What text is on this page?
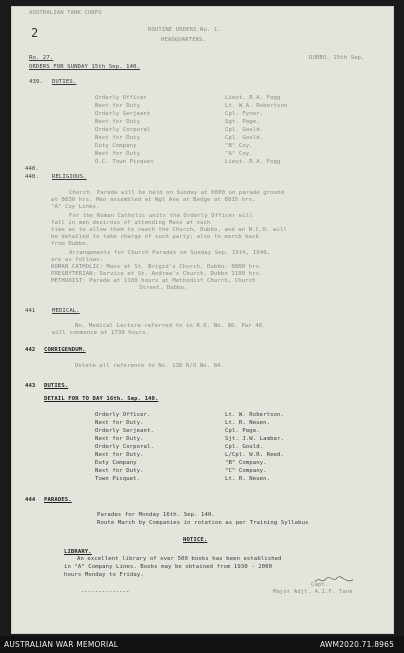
AUSTRALIAN TANK CORPS
ROUTINE ORDERS No. 1.
HEADQUARTERS.
2
Ro. 27.	DUBBO, 15th Sep,
ORDERS FOR SUNDAY 15th Sep. 140.
439. DUTIES.
Orderly Officer	Lieut. R.A. Fogg
Next for Duty	Lt. W.A. Robertson
Orderly Serjeant	Cpl. Fyner.
Next for Duty	Sgt. Page.
Orderly Corporal	Cpl. Gould.
Next for Duty	Cpl. Gould.
Duty Company	"B" Coy.
Next for Duty	"A" Coy.
O.C. Town Picquet	Lieut. R.A. Fogg
440.
440. RELIGIOUS.
Church. Parade will be held on Sunday at 0800 on parade ground
at 0830 hrs. Men assembled at Wgl Ave at Bedge at 0815 hrs.
"A" Coy Lines.
For the Roman Catholic units the Orderly Officer will
fall in men desirous of attending Mass at such
time as to allow them to reach the Church, Dubbo, and an N.C.O. will
be detailed to take charge of such party; also to march back
from Dubbo.
Arrangements for Church Parades on Sunday Sep. 15th, 1940,
are as follows:
ROMAN CATHOLIC: Mass at St. Brigid's Church, Dubbo. 0800 hrs.
PRESBYTERIAN: Service at St. Andrew's Church, Dubbo 1100 hrs.
METHODIST: Parade at 1100 hours at Methodist Church, Church
Street, Dubbo.
441	MEDICAL.
No. Medical Lecture referred to in R.O. No. 86. Par 46.
will commence at 1730 hours.
442 CORRIGENDUM.
Delete all reference to No. 138 R/O No. 84.
443 DUTIES.
DETAIL FOR TO DAY 16th. Sep. 140.
Orderly Officer.	Lt. W. Robertson.
Next for Duty.	Lt. R. Neuen.
Orderly Serjeant.	Cpl. Page.
Next for Duty.	Sjt. J.W. Lambar.
Orderly Corporal.	Cpl. Gould.
Next for Duty.	L/Cpl. W.R. Reed.
Duty Company	"B" Company.
Next for Duty.	"C" Company.
Town Picquet.	Lt. R. Neuen.
444 PARADES.
Parades for Monday 16th. Sep. 140.
Route March by Companies in rotation as per Training Syllabus
NOTICE.
LIBRARY.
An excellent library of over 500 books has been established
in "A" Company Lines. Books may be obtained from 1930 - 2000
hours Monday to Friday.
Capt.
--------------	Major Adjt. A.I.F. Tank
AUSTRALIAN WAR MEMORIAL	AWM2020.71.8965
